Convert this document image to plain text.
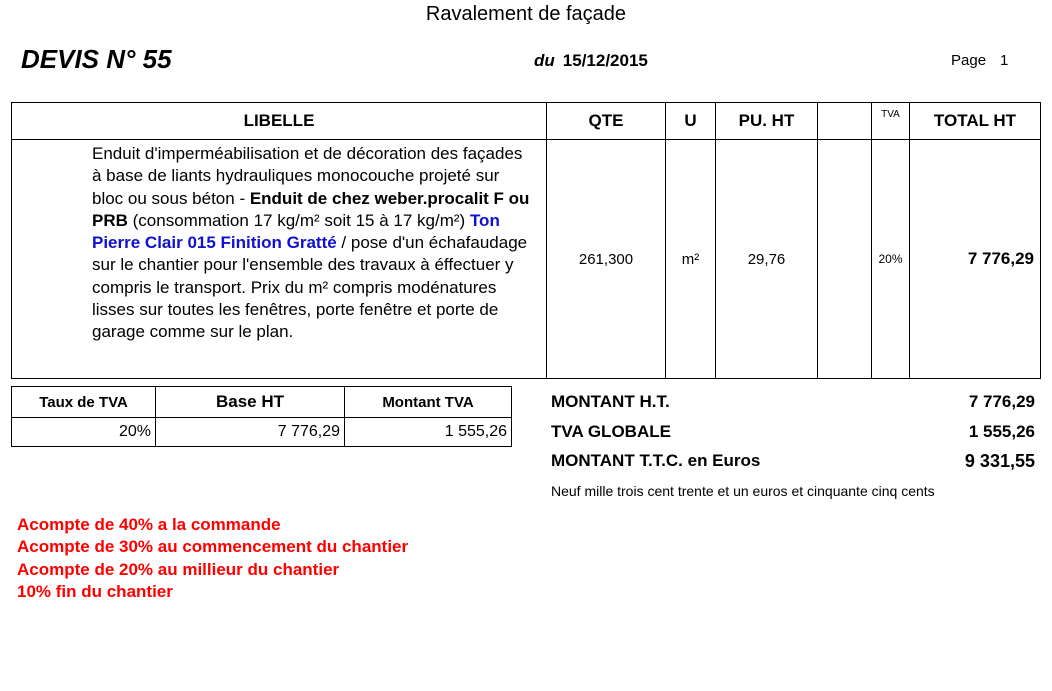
Ravalement de façade
DEVIS N° 55	du 15/12/2015	Page 1
LIBELLE	QTE	U	PU. HT		TVA	TOTAL HT

Enduit d'imperméabilisation et de décoration des façades à base de liants hydrauliques monocouche projeté sur bloc ou sous béton - Enduit de chez weber.procalit F ou PRB (consommation 17 kg/m² soit 15 à 17 kg/m²) Ton Pierre Clair 015 Finition Gratté / pose d'un échafaudage sur le chantier pour l'ensemble des travaux à éffectuer y compris le transport. Prix du m² compris modénatures lisses sur toutes les fenêtres, porte fenêtre et porte de garage comme sur le plan.	261,300	m²	29,76		20%	7 776,29
Taux de TVA	Base HT	Montant TVA
20%	7 776,29	1 555,26
MONTANT H.T.	7 776,29
TVA GLOBALE	1 555,26
MONTANT T.T.C. en Euros	9 331,55
Neuf mille trois cent trente et un euros et cinquante cinq cents
Acompte de 40% a la commande
Acompte de 30% au commencement du chantier
Acompte de 20% au millieur du chantier
10% fin du chantier
